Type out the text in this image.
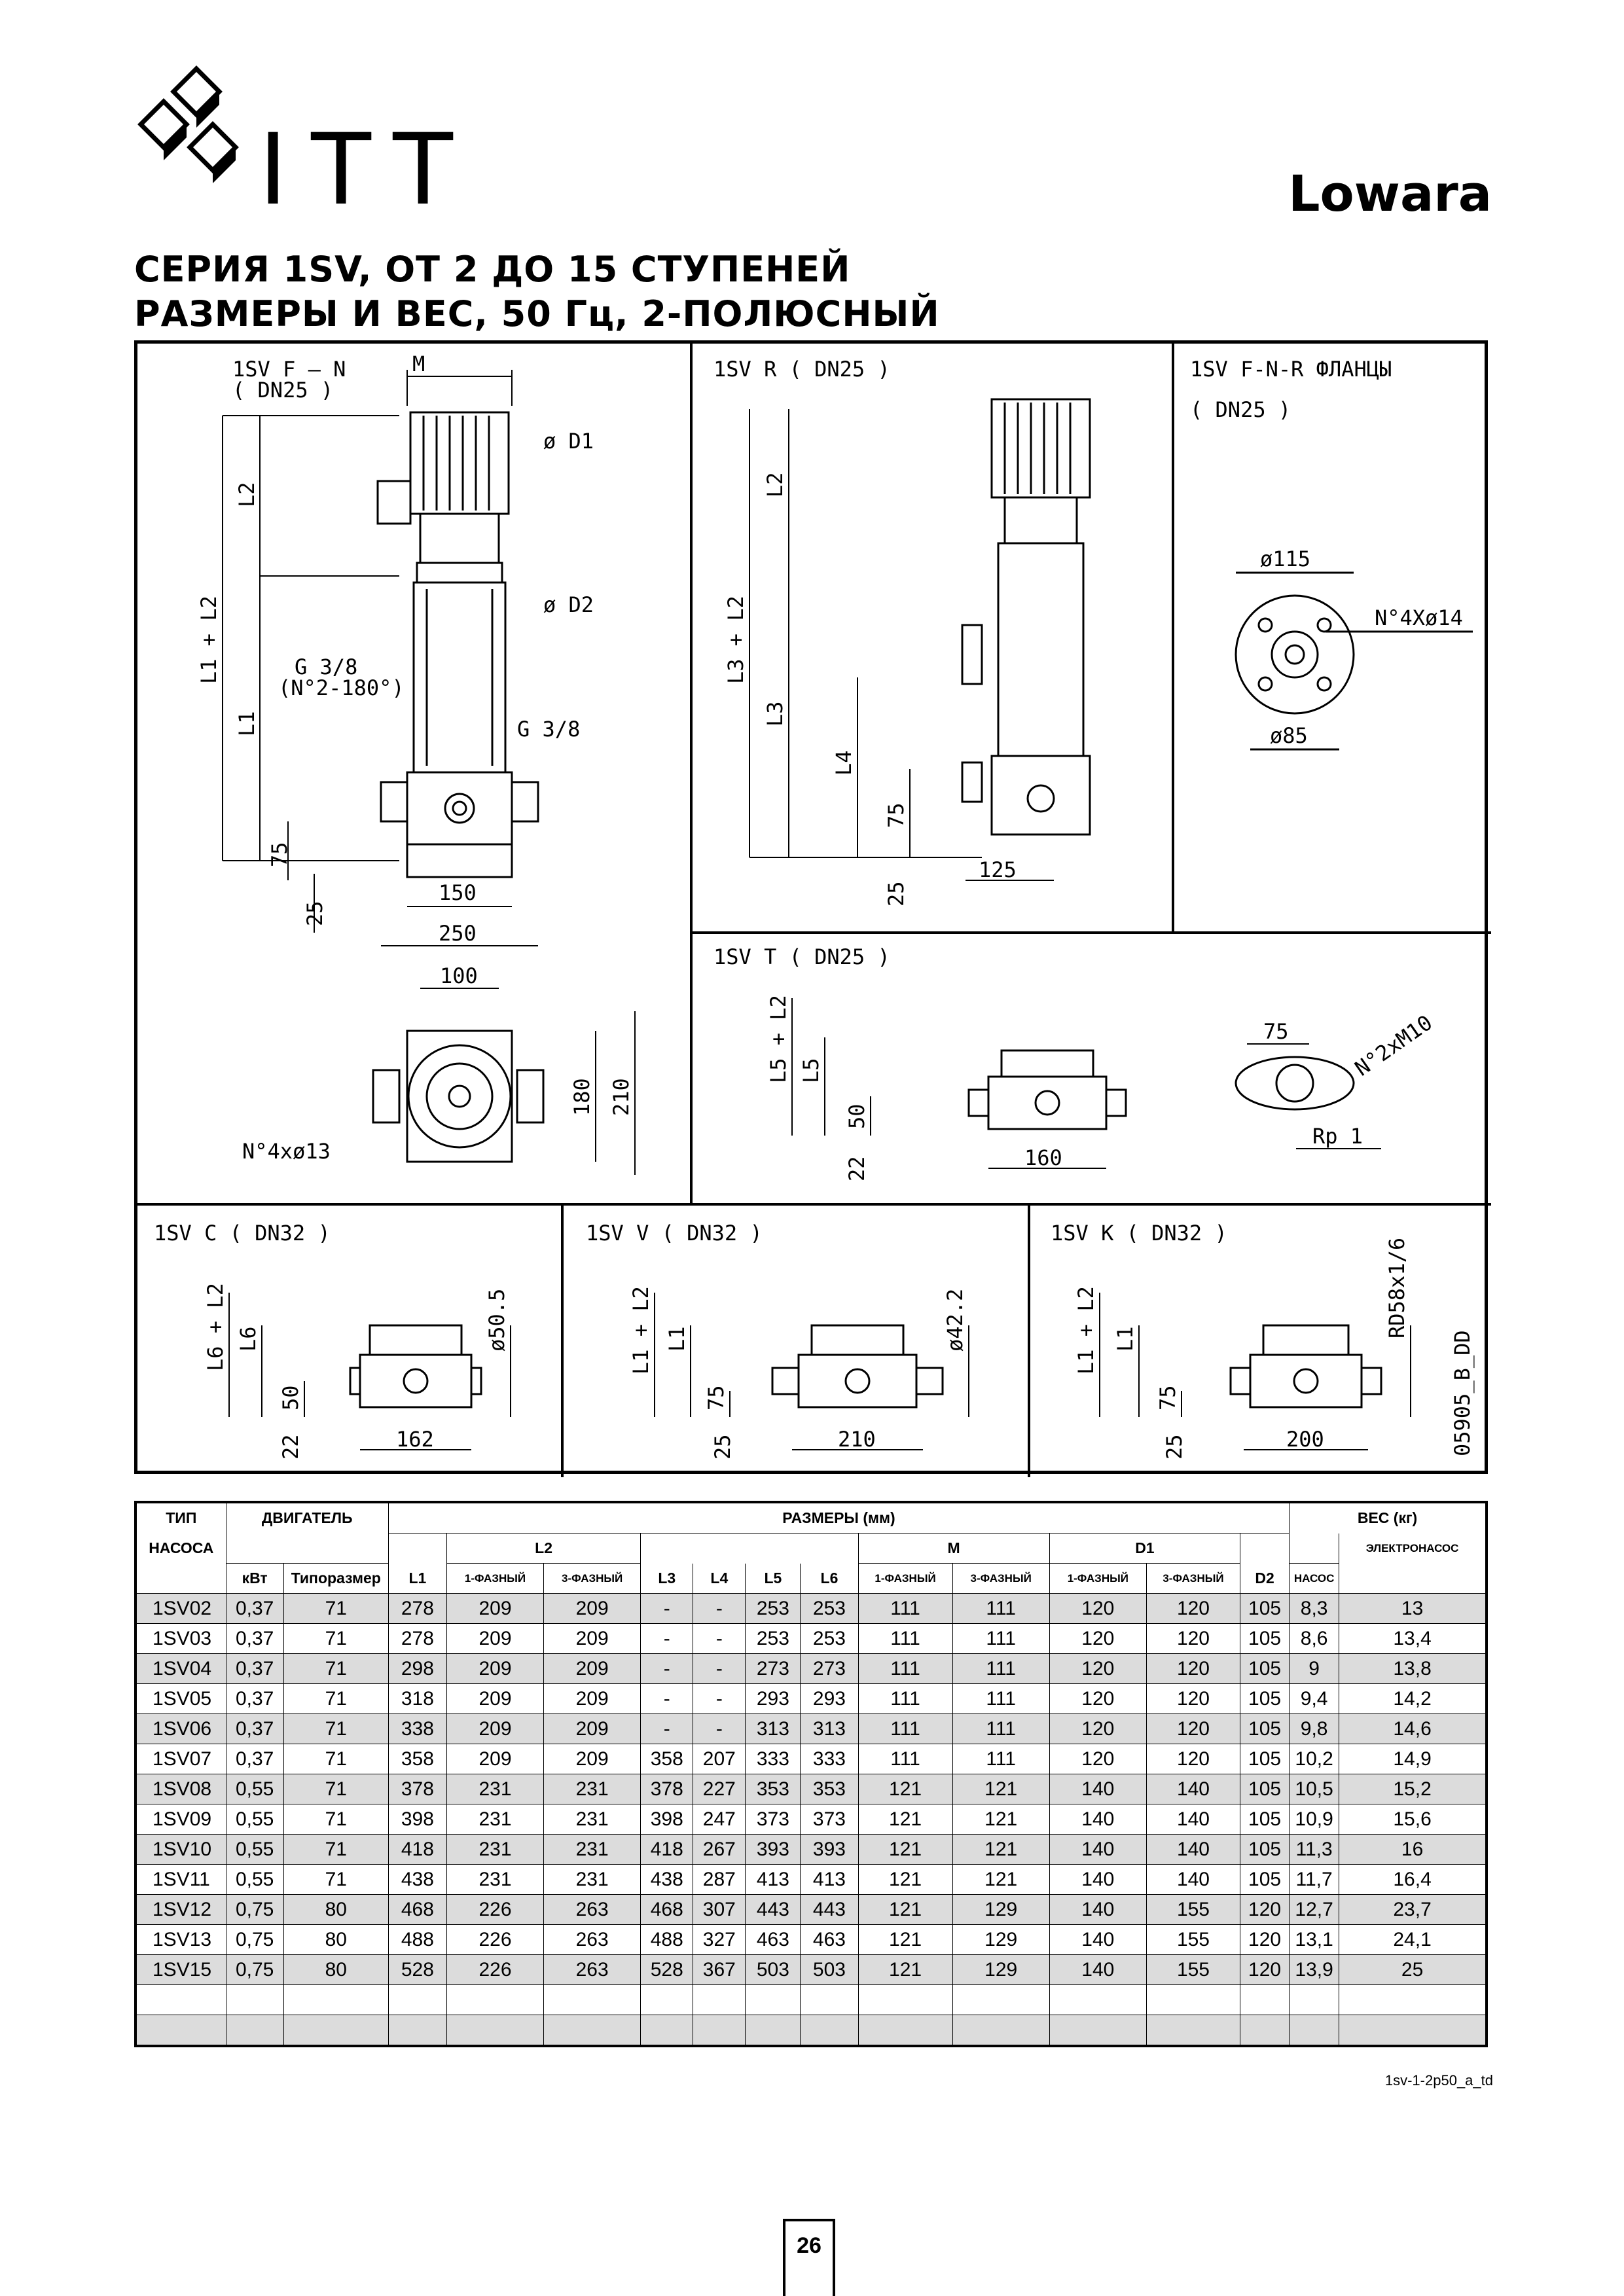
ITT	Lowara
СЕРИЯ 1SV, ОТ 2 ДО 15 СТУПЕНЕЙ
РАЗМЕРЫ И ВЕС, 50 Гц, 2-ПОЛЮСНЫЙ
1SV F – N
( DN25 )
M
ø D1
ø D2
L2
L1 + L2
L1
G 3/8
(N°2-180°)
G 3/8
75
25
150
250
100
180 210
N°4xø13
1SV R ( DN25 )
L2
L3 + L2
L3
L4
75
25
125
1SV F-N-R ФЛАНЦЫ
( DN25 )
ø115
N°4Xø14
ø85
1SV T ( DN25 )
L5 + L2 L5
50
22	160
75	N°2xM10
Rp 1
1SV C ( DN32 )
L6 + L2 L6
50
22	162
ø50.5
1SV V ( DN32 )
L1 + L2 L1
75
25	210
ø42.2
1SV K ( DN32 )
L1 + L2 L1
75
25	200
RD58x1/6
05905_B_DD
ТИП	ДВИГАТЕЛЬ		РАЗМЕРЫ (мм)												ВЕС (кг)	
НАСОСА				L2						M		D1				ЭЛЕКТРОНАСОС
	кВт	Типоразмер	L1	1-ФАЗНЫЙ	3-ФАЗНЫЙ	L3	L4	L5	L6	1-ФАЗНЫЙ	3-ФАЗНЫЙ	1-ФАЗНЫЙ	3-ФАЗНЫЙ	D2	НАСОС	
1SV02	0,37	71	278	209	209	-	-	253	253	111	111	120	120	105	8,3	13
1SV03	0,37	71	278	209	209	-	-	253	253	111	111	120	120	105	8,6	13,4
1SV04	0,37	71	298	209	209	-	-	273	273	111	111	120	120	105	9	13,8
1SV05	0,37	71	318	209	209	-	-	293	293	111	111	120	120	105	9,4	14,2
1SV06	0,37	71	338	209	209	-	-	313	313	111	111	120	120	105	9,8	14,6
1SV07	0,37	71	358	209	209	358	207	333	333	111	111	120	120	105	10,2	14,9
1SV08	0,55	71	378	231	231	378	227	353	353	121	121	140	140	105	10,5	15,2
1SV09	0,55	71	398	231	231	398	247	373	373	121	121	140	140	105	10,9	15,6
1SV10	0,55	71	418	231	231	418	267	393	393	121	121	140	140	105	11,3	16
1SV11	0,55	71	438	231	231	438	287	413	413	121	121	140	140	105	11,7	16,4
1SV12	0,75	80	468	226	263	468	307	443	443	121	129	140	155	120	12,7	23,7
1SV13	0,75	80	488	226	263	488	327	463	463	121	129	140	155	120	13,1	24,1
1SV15	0,75	80	528	226	263	528	367	503	503	121	129	140	155	120	13,9	25

1sv-1-2p50_a_td
26
